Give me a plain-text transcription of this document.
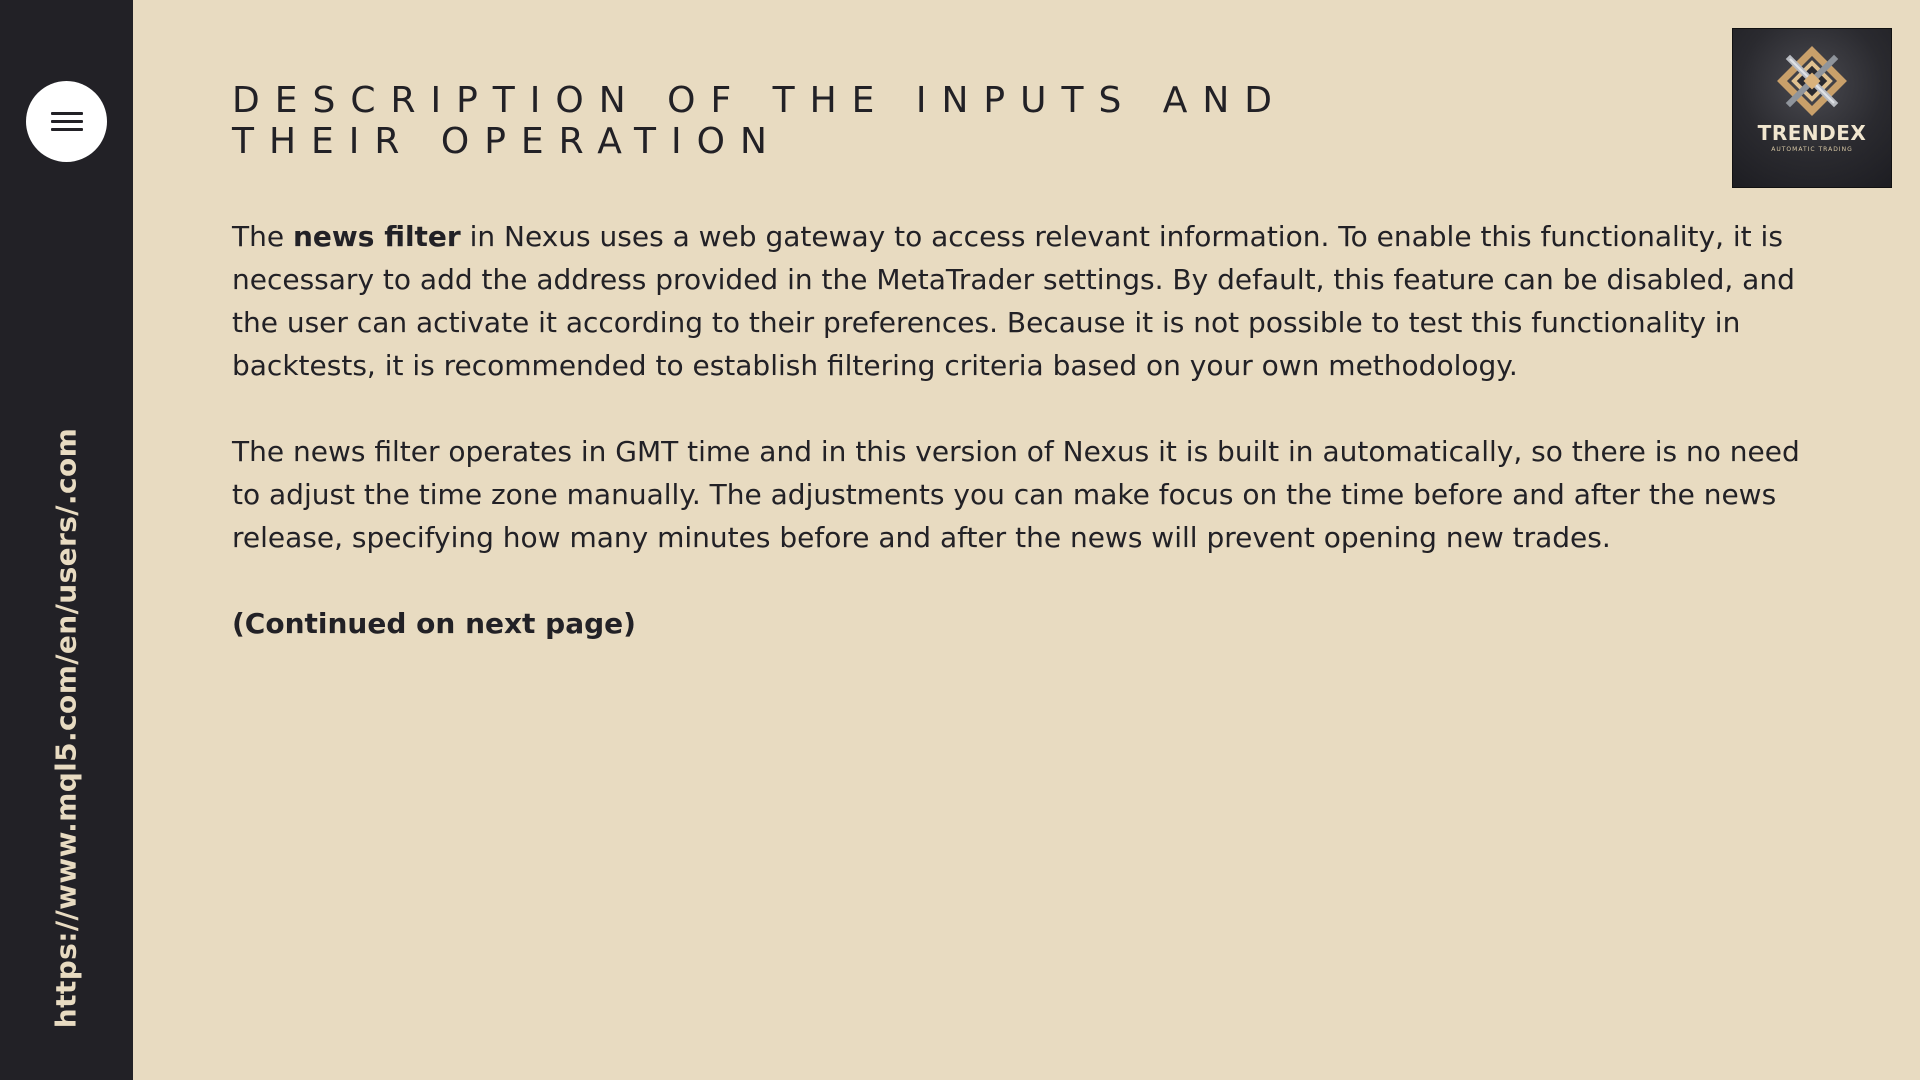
https://www.mql5.com/en/users/.com
TRENDEX
AUTOMATIC TRADING
DESCRIPTION OF THE INPUTS AND
THEIR OPERATION

The news filter in Nexus uses a web gateway to access relevant information. To enable this functionality, it is necessary to add the address provided in the MetaTrader settings. By default, this feature can be disabled, and the user can activate it according to their preferences. Because it is not possible to test this functionality in backtests, it is recommended to establish filtering criteria based on your own methodology.

The news filter operates in GMT time and in this version of Nexus it is built in automatically, so there is no need to adjust the time zone manually. The adjustments you can make focus on the time before and after the news release, specifying how many minutes before and after the news will prevent opening new trades.

(Continued on next page)
